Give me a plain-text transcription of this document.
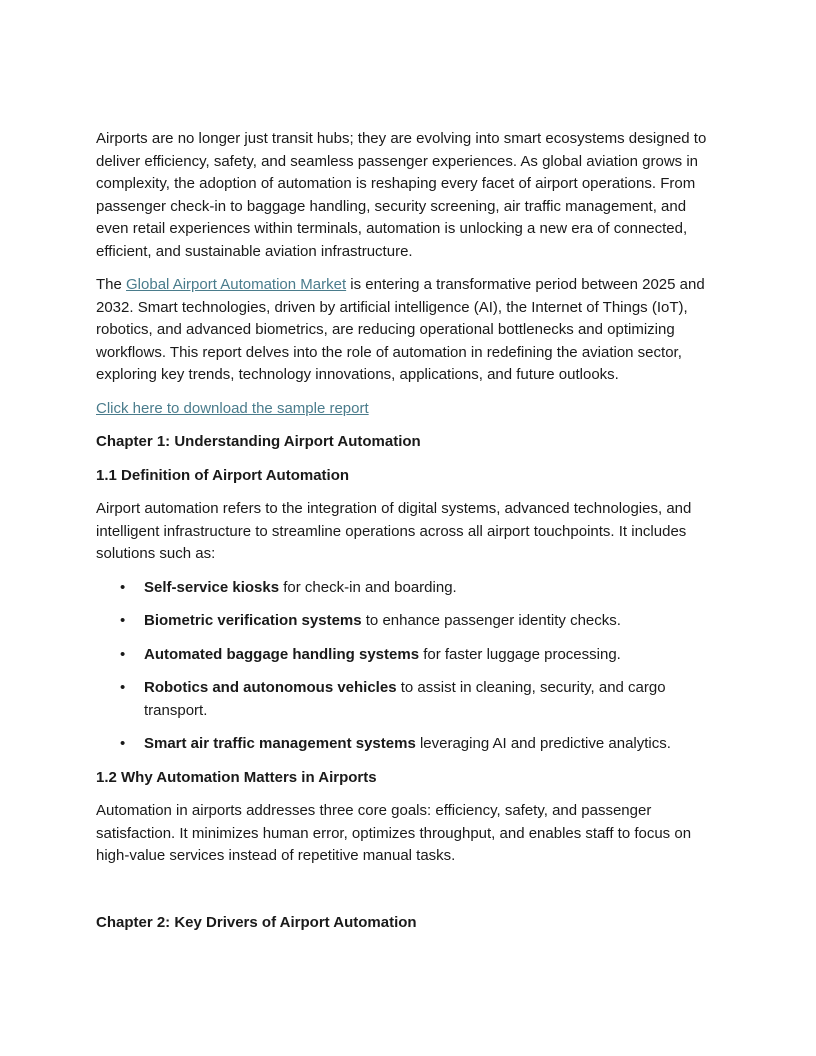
Airports are no longer just transit hubs; they are evolving into smart ecosystems designed to deliver efficiency, safety, and seamless passenger experiences. As global aviation grows in complexity, the adoption of automation is reshaping every facet of airport operations. From passenger check-in to baggage handling, security screening, air traffic management, and even retail experiences within terminals, automation is unlocking a new era of connected, efficient, and sustainable aviation infrastructure.

The Global Airport Automation Market is entering a transformative period between 2025 and 2032. Smart technologies, driven by artificial intelligence (AI), the Internet of Things (IoT), robotics, and advanced biometrics, are reducing operational bottlenecks and optimizing workflows. This report delves into the role of automation in redefining the aviation sector, exploring key trends, technology innovations, applications, and future outlooks.

Click here to download the sample report

Chapter 1: Understanding Airport Automation

1.1 Definition of Airport Automation

Airport automation refers to the integration of digital systems, advanced technologies, and intelligent infrastructure to streamline operations across all airport touchpoints. It includes solutions such as:

• Self-service kiosks for check-in and boarding.
• Biometric verification systems to enhance passenger identity checks.
• Automated baggage handling systems for faster luggage processing.
• Robotics and autonomous vehicles to assist in cleaning, security, and cargo transport.
• Smart air traffic management systems leveraging AI and predictive analytics.

1.2 Why Automation Matters in Airports

Automation in airports addresses three core goals: efficiency, safety, and passenger satisfaction. It minimizes human error, optimizes throughput, and enables staff to focus on high-value services instead of repetitive manual tasks.

Chapter 2: Key Drivers of Airport Automation
